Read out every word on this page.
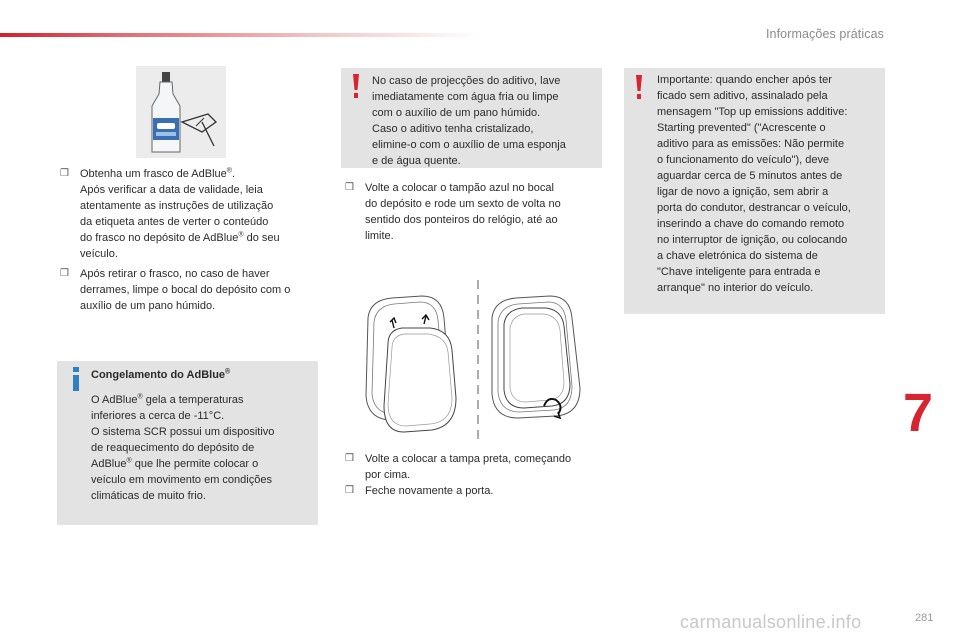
Informações práticas
❒ Obtenha um frasco de AdBlue®.
Após verificar a data de validade, leia
atentamente as instruções de utilização
da etiqueta antes de verter o conteúdo
do frasco no depósito de AdBlue® do seu
veículo.
❒ Após retirar o frasco, no caso de haver
derrames, limpe o bocal do depósito com o
auxílio de um pano húmido.
Congelamento do AdBlue®
O AdBlue® gela a temperaturas
inferiores a cerca de -11°C.
O sistema SCR possui um dispositivo
de reaquecimento do depósito de
AdBlue® que lhe permite colocar o
veículo em movimento em condições
climáticas de muito frio.
No caso de projecções do aditivo, lave
imediatamente com água fria ou limpe
com o auxílio de um pano húmido.
Caso o aditivo tenha cristalizado,
elimine-o com o auxílio de uma esponja
e de água quente.
❒ Volte a colocar o tampão azul no bocal
do depósito e rode um sexto de volta no
sentido dos ponteiros do relógio, até ao
limite.
❒ Volte a colocar a tampa preta, começando
por cima.
❒ Feche novamente a porta.
Importante: quando encher após ter
ficado sem aditivo, assinalado pela
mensagem "Top up emissions additive:
Starting prevented" ("Acrescente o
aditivo para as emissões: Não permite
o funcionamento do veículo"), deve
aguardar cerca de 5 minutos antes de
ligar de novo a ignição, sem abrir a
porta do condutor, destrancar o veículo,
inserindo a chave do comando remoto
no interruptor de ignição, ou colocando
a chave eletrónica do sistema de
"Chave inteligente para entrada e
arranque" no interior do veículo.
7
carmanualsonline.info	281
